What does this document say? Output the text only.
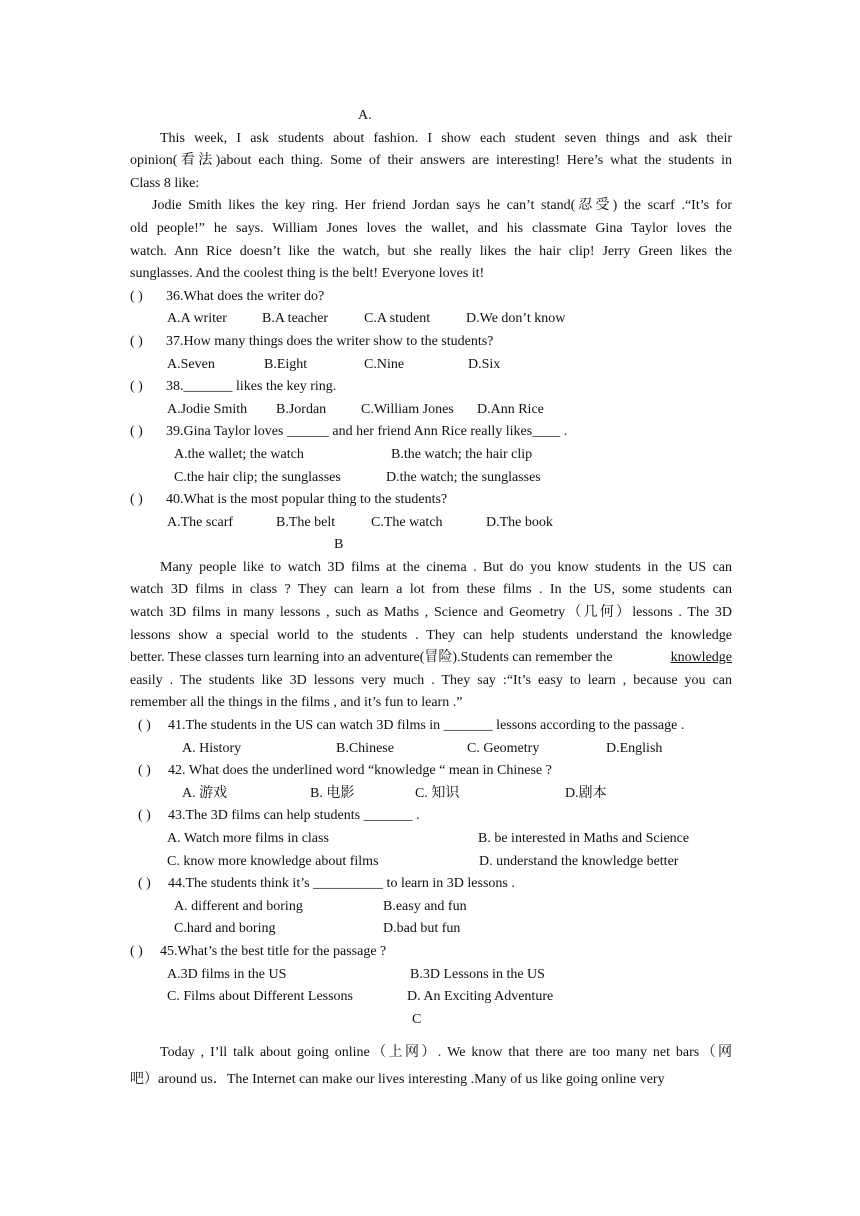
A.
This week, I ask students about fashion. I show each student seven things and ask their
opinion(看法)about each thing. Some of their answers are interesting! Here’s what the students in
Class 8 like:
Jodie Smith likes the key ring. Her friend Jordan says he can’t stand(忍受) the scarf .“It’s for
old people!” he says. William Jones loves the wallet, and his classmate Gina Taylor loves the
watch. Ann Rice doesn’t like the watch, but she really likes the hair clip! Jerry Green likes the
sunglasses. And the coolest thing is the belt! Everyone loves it!
( ) 36.What does the writer do?
A.A writer	B.A teacher	C.A student	D.We don’t know
( ) 37.How many things does the writer show to the students?
A.Seven	B.Eight	C.Nine	D.Six
( ) 38._______ likes the key ring.
A.Jodie Smith B.Jordan C.William Jones D.Ann Rice
( ) 39.Gina Taylor loves ______ and her friend Ann Rice really likes____ .
A.the wallet; the watch	B.the watch; the hair clip
C.the hair clip; the sunglasses	D.the watch; the sunglasses
( ) 40.What is the most popular thing to the students?
A.The scarf	B.The belt	C.The watch	D.The book
B
Many people like to watch 3D films at the cinema . But do you know students in the US can
watch 3D films in class ? They can learn a lot from these films . In the US, some students can
watch 3D films in many lessons , such as Maths , Science and Geometry（几何）lessons . The 3D
lessons show a special world to the students . They can help students understand the knowledge
better. These classes turn learning into an adventure(冒险).Students can remember the	knowledge
easily . The students like 3D lessons very much . They say :“It’s easy to learn , because you can
remember all the things in the films , and it’s fun to learn .”
( ) 41.The students in the US can watch 3D films in _______ lessons according to the passage .
A. History	B.Chinese	C. Geometry	D.English
( ) 42. What does the underlined word “knowledge “ mean in Chinese ?
A. 游戏	B. 电影	C. 知识	D.剧本
( ) 43.The 3D films can help students _______ .
A. Watch more films in class	B. be interested in Maths and Science
C. know more knowledge about films	D. understand the knowledge better
( ) 44.The students think it’s __________ to learn in 3D lessons .
A. different and boring	B.easy and fun
C.hard and boring	D.bad but fun
( ) 45.What’s the best title for the passage ?
A.3D films in the US	B.3D Lessons in the US
C. Films about Different Lessons	D. An Exciting Adventure
C
Today , I’ll talk about going online（上网）. We know that there are too many net bars（网
吧）around us．The Internet can make our lives interesting .Many of us like going online very
